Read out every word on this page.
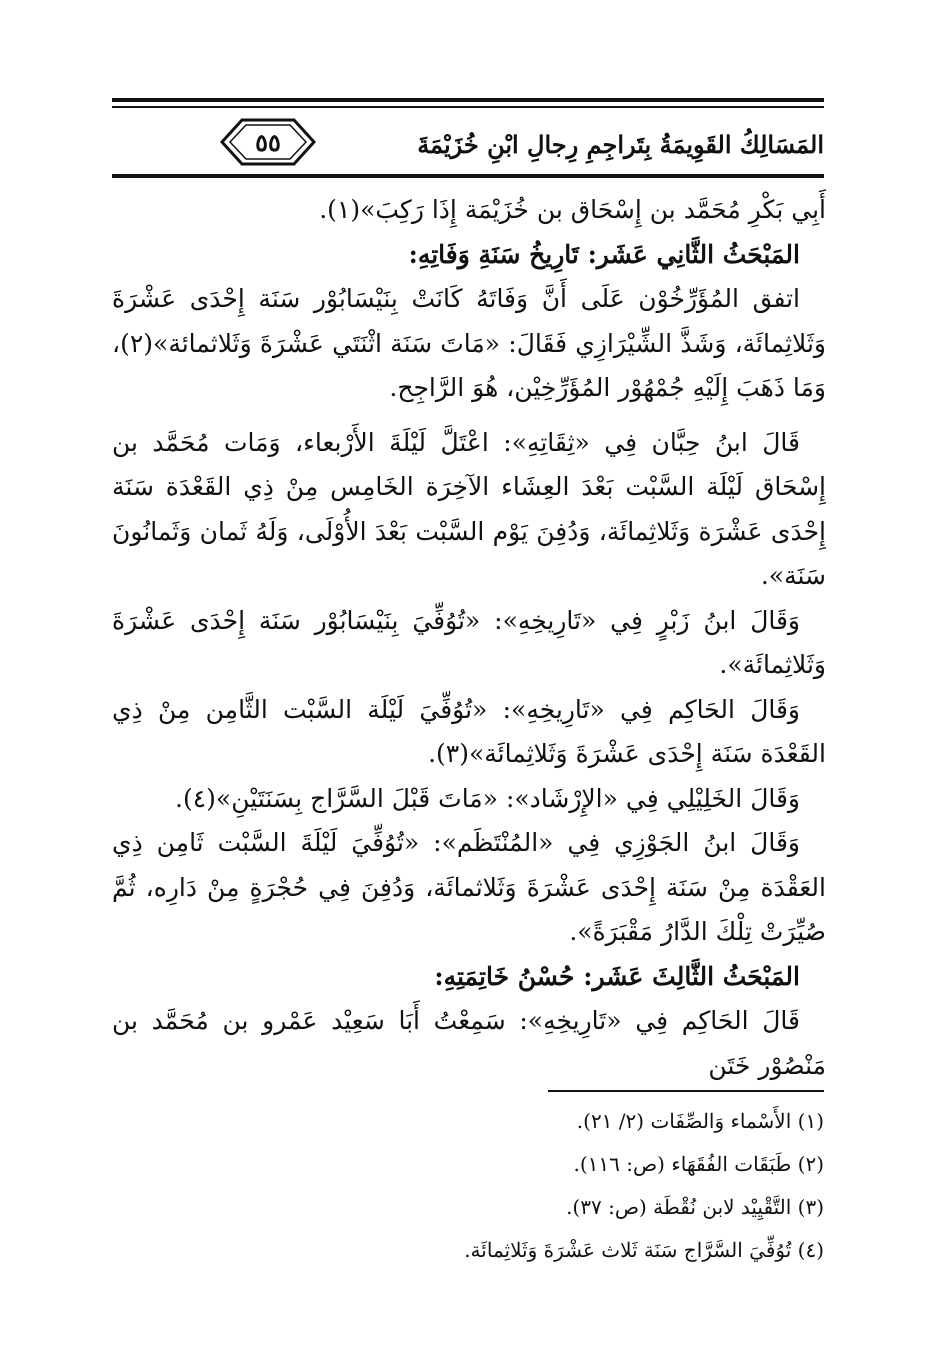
المَسَالِكُ القَوِيمَةُ بِتَراجِمِ رِجالِ ابْنِ خُزَيْمَةَ
٥٥

أَبِي بَكْرِ مُحَمَّد بن إِسْحَاق بن خُزَيْمَة إِذَا رَكِبَ»(١).

المَبْحَثُ الثَّانِي عَشَر: تَارِيخُ سَنَةِ وَفَاتِهِ:

اتفق المُؤَرِّخُوْن عَلَى أَنَّ وَفَاتَهُ كَانَتْ بِنَيْسَابُوْر سَنَة إِحْدَى عَشْرَةَ وَثَلاثِمائَة، وَشَذَّ الشِّيْرَازِي فَقَالَ: «مَاتَ سَنَة اثْنَتَي عَشْرَةَ وَثَلاثمائة»(٢)، وَمَا ذَهَبَ إِلَيْهِ جُمْهُوْر المُؤَرِّخِيْن، هُوَ الرَّاجِح.

قَالَ ابنُ حِبَّان فِي «ثِقَاتِهِ»: اعْتَلَّ لَيْلَةَ الأَرْبعاء، وَمَات مُحَمَّد بن إِسْحَاق لَيْلَة السَّبْت بَعْدَ العِشَاء الآخِرَة الخَامِس مِنْ ذِي القَعْدَة سَنَة إِحْدَى عَشْرَة وَثَلاثِمائَة، وَدُفِنَ يَوْم السَّبْت بَعْدَ الأُوْلَى، وَلَهُ ثَمان وَثَمانُونَ سَنَة».

وَقَالَ ابنُ زَبْرٍ فِي «تَارِيخِهِ»: «تُوُفِّيَ بِنَيْسَابُوْر سَنَة إِحْدَى عَشْرَةَ وَثَلاثِمائَة».

وَقَالَ الحَاكِم فِي «تَارِيخِهِ»: «تُوُفِّيَ لَيْلَة السَّبْت الثَّامِن مِنْ ذِي القَعْدَة سَنَة إِحْدَى عَشْرَةَ وَثَلاثِمائَة»(٣).

وَقَالَ الخَلِيْلِي فِي «الإِرْشَاد»: «مَاتَ قَبْلَ السَّرَّاج بِسَنَتَيْنِ»(٤).

وَقَالَ ابنُ الجَوْزِي فِي «المُنْتَظَم»: «تُوُفِّيَ لَيْلَةَ السَّبْت ثَامِن ذِي العَقْدَة مِنْ سَنَة إِحْدَى عَشْرَةَ وَثَلاثمائَة، وَدُفِنَ فِي حُجْرَةٍ مِنْ دَارِه، ثُمَّ صُيِّرَتْ تِلْكَ الدَّارُ مَقْبَرَةً».

المَبْحَثُ الثَّالِثَ عَشَر: حُسْنُ خَاتِمَتِهِ:

قَالَ الحَاكِم فِي «تَارِيخِهِ»: سَمِعْتُ أَبَا سَعِيْد عَمْرو بن مُحَمَّد بن مَنْصُوْر خَتَن

(١) الأَسْماء وَالصِّفَات (٢/ ٢١).

(٢) طَبَقَات الفُقَهَاء (ص: ١١٦).

(٣) التَّقْيِيْد لابن نُقْطَة (ص: ٣٧).

(٤) تُوُفِّيَ السَّرَّاج سَنَة ثَلاث عَشْرَةَ وَثَلاثِمائَة.
